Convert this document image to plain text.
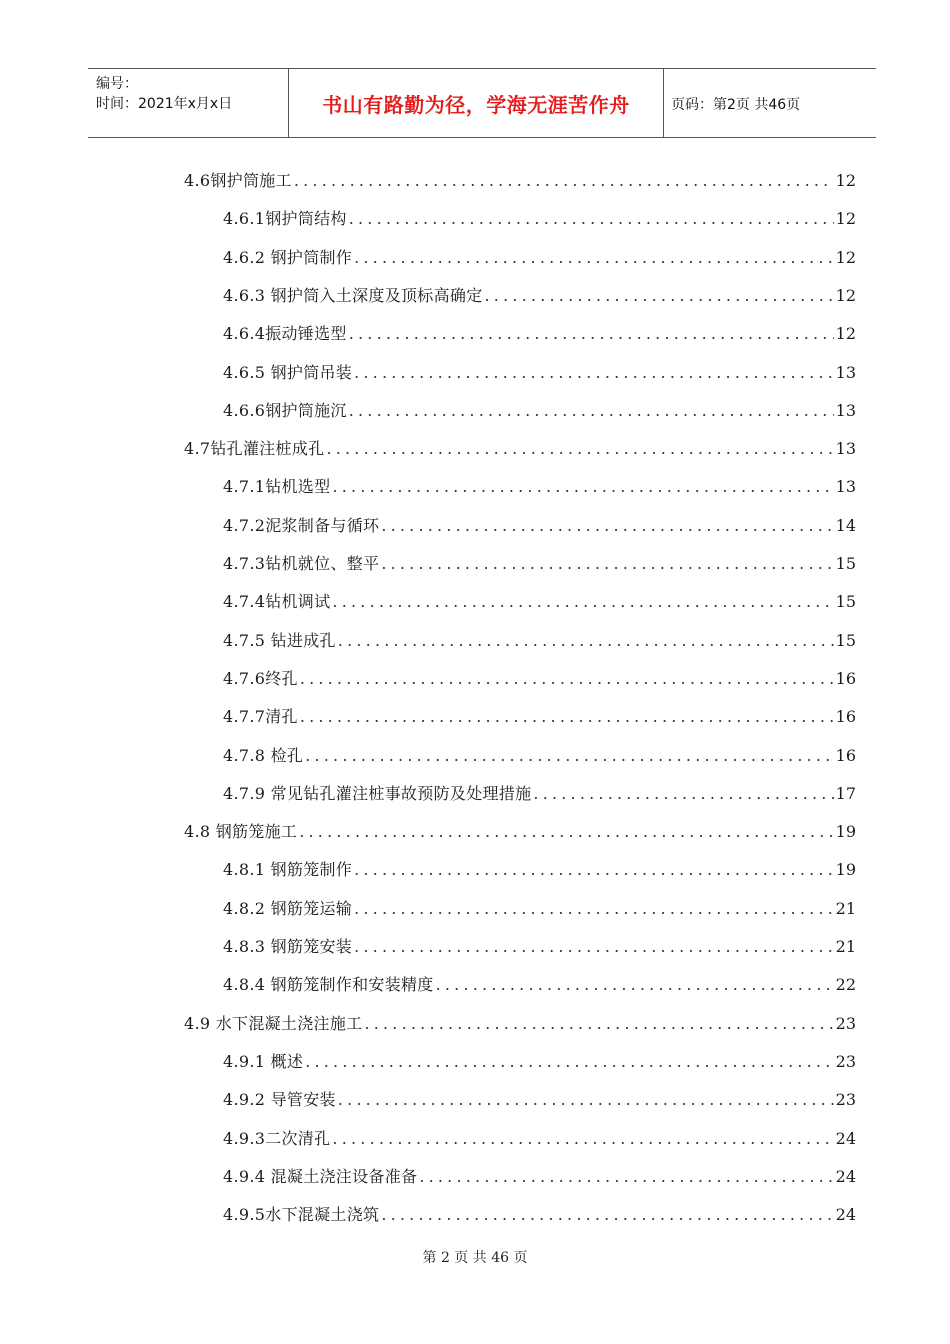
编号：
时间：2021年x月x日	书山有路勤为径，学海无涯苦作舟	页码：第2页 共46页
4.6钢护筒施工 .....	12
4.6.1钢护筒结构 .....	12
4.6.2 钢护筒制作 .....	12
4.6.3 钢护筒入土深度及顶标高确定 .....	12
4.6.4振动锤选型 .....	12
4.6.5 钢护筒吊装 .....	13
4.6.6钢护筒施沉 .....	13
4.7钻孔灌注桩成孔 .....	13
4.7.1钻机选型 .....	13
4.7.2泥浆制备与循环 .....	14
4.7.3钻机就位、整平 .....	15
4.7.4钻机调试 .....	15
4.7.5 钻进成孔 .....	15
4.7.6终孔 .....	16
4.7.7清孔 .....	16
4.7.8 检孔 .....	16
4.7.9 常见钻孔灌注桩事故预防及处理措施 .....	17
4.8 钢筋笼施工 .....	19
4.8.1 钢筋笼制作 .....	19
4.8.2 钢筋笼运输 .....	21
4.8.3 钢筋笼安装 .....	21
4.8.4 钢筋笼制作和安装精度 .....	22
4.9 水下混凝土浇注施工 .....	23
4.9.1 概述 .....	23
4.9.2 导管安装 .....	23
4.9.3二次清孔 .....	24
4.9.4 混凝土浇注设备准备 .....	24
4.9.5水下混凝土浇筑 .....	24
第 2 页 共 46 页
